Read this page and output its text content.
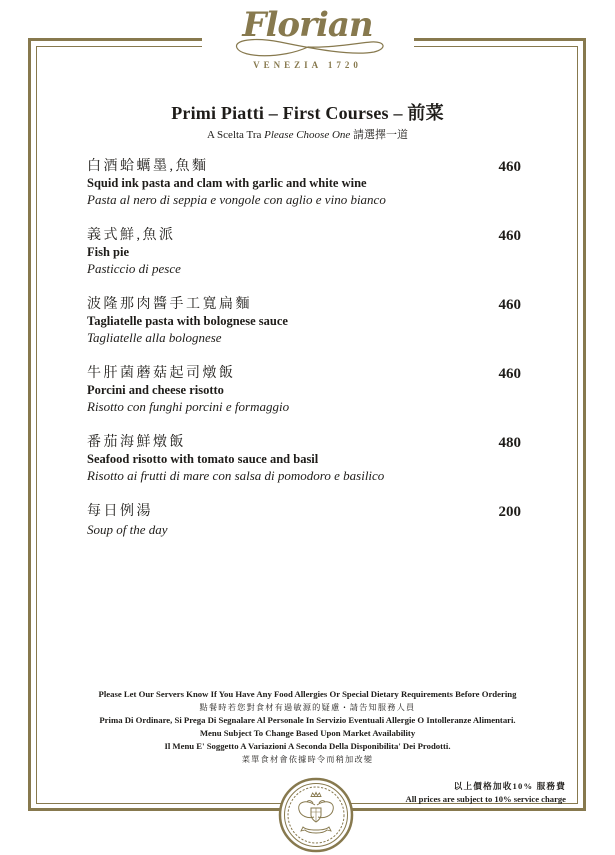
Florian
VENEZIA 1720
Primi Piatti – First Courses – 前菜
A Scelta Tra Please Choose One 請選擇一道
白酒蛤蠣墨,魚麵
Squid ink pasta and clam with garlic and white wine
Pasta al nero di seppia e vongole con aglio e vino bianco
460
義式鮮,魚派
Fish pie
Pasticcio di pesce
460
波隆那肉醬手工寬扁麵
Tagliatelle pasta with bolognese sauce
Tagliatelle alla bolognese
460
牛肝菌蘑菇起司燉飯
Porcini and cheese risotto
Risotto con funghi porcini e formaggio
460
番茄海鮮燉飯
Seafood risotto with tomato sauce and basil
Risotto ai frutti di mare con salsa di pomodoro e basilico
480
每日例湯
Soup of the day
200
Please Let Our Servers Know If You Have Any Food Allergies Or Special Dietary Requirements Before Ordering
點餐時若您對食材有過敏源的疑慮・請告知服務人員
Prima Di Ordinare, Si Prega Di Segnalare Al Personale In Servizio Eventuali Allergie O Intolleranze Alimentari.
Menu Subject To Change Based Upon Market Availability
Il Menu E' Soggetto A Variazioni A Seconda Della Disponibilita' Dei Prodotti.
菜單食材會依據時令而稍加改變
以上價格加收10% 服務費
All prices are subject to 10% service charge
